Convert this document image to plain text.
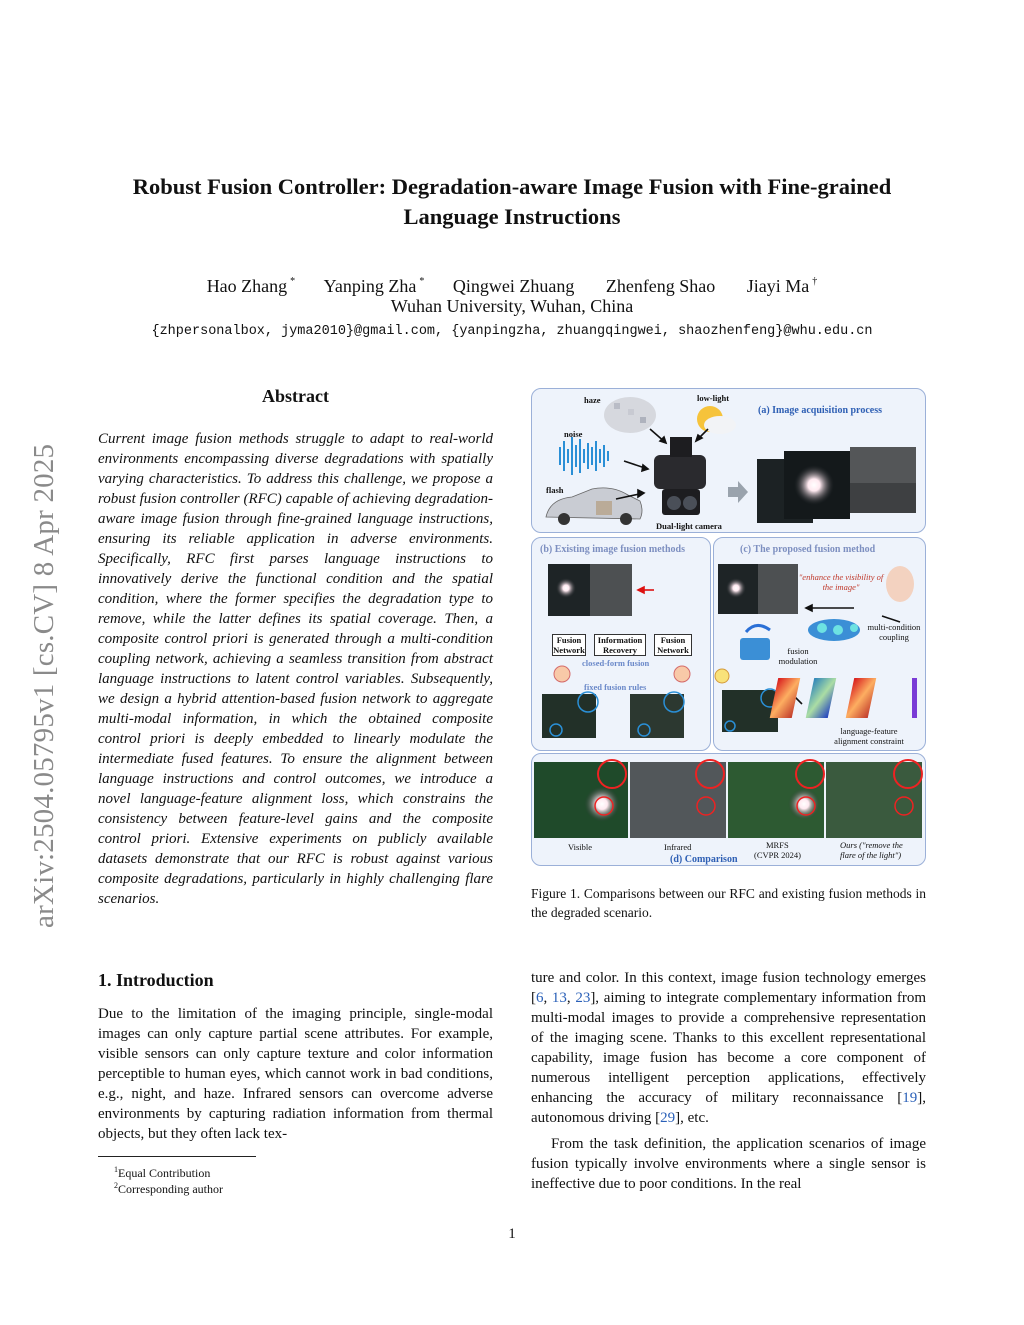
arXiv:2504.05795v1 [cs.CV] 8 Apr 2025
Robust Fusion Controller: Degradation-aware Image Fusion with Fine-grained
Language Instructions
Hao Zhang * Yanping Zha * Qingwei Zhuang Zhenfeng Shao Jiayi Ma †
Wuhan University, Wuhan, China
{zhpersonalbox, jyma2010}@gmail.com, {yanpingzha, zhuangqingwei, shaozhenfeng}@whu.edu.cn
Abstract
Current image fusion methods struggle to adapt to real-world environments encompassing diverse degradations with spatially varying characteristics. To address this challenge, we propose a robust fusion controller (RFC) capable of achieving degradation-aware image fusion through fine-grained language instructions, ensuring its reliable application in adverse environments. Specifically, RFC first parses language instructions to innovatively derive the functional condition and the spatial condition, where the former specifies the degradation type to remove, while the latter defines its spatial coverage. Then, a composite control priori is generated through a multi-condition coupling network, achieving a seamless transition from abstract language instructions to latent control variables. Subsequently, we design a hybrid attention-based fusion network to aggregate multi-modal information, in which the obtained composite control priori is deeply embedded to linearly modulate the intermediate fused features. To ensure the alignment between language instructions and control outcomes, we introduce a novel language-feature alignment loss, which constrains the consistency between feature-level gains and the composite control priori. Extensive experiments on publicly available datasets demonstrate that our RFC is robust against various composite degradations, particularly in highly challenging flare scenarios.
1. Introduction
Due to the limitation of the imaging principle, single-modal images can only capture partial scene attributes. For example, visible sensors can only capture texture and color information perceptible to human eyes, which cannot work in bad conditions, e.g., night, and haze. Infrared sensors can overcome adverse environments by capturing radiation information from thermal objects, but they often lack tex-
$^1$Equal Contribution
$^2$Corresponding author
(a) Image acquisition process
haze	low-light
noise
flash
Dual-light camera
(b) Existing image fusion methods
Fusion Network
Information Recovery
Fusion Network
closed-form fusion
fixed fusion rules
(c) The proposed fusion method
"enhance the visibility of the image"
multi-condition coupling
fusion modulation
language-feature alignment constraint
Visible	Infrared	MRFS
(CVPR 2024)
Ours ("remove the flare of the light")
(d) Comparison
Figure 1. Comparisons between our RFC and existing fusion methods in the degraded scenario.

ture and color. In this context, image fusion technology emerges [6, 13, 23], aiming to integrate complementary information from multi-modal images to provide a comprehensive representation of the imaging scene. Thanks to this excellent representational capability, image fusion has become a core component of numerous intelligent perception applications, effectively enhancing the accuracy of military reconnaissance [19], autonomous driving [29], etc.

From the task definition, the application scenarios of image fusion typically involve environments where a single sensor is ineffective due to poor conditions. In the real

1
